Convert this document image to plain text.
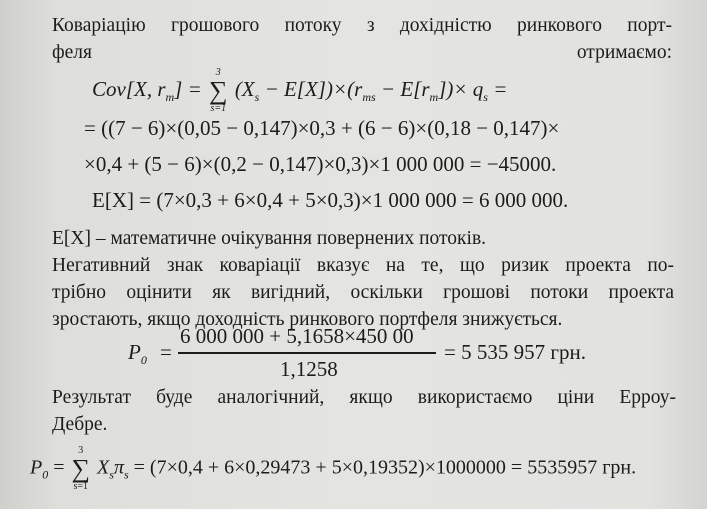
Коваріацію грошового потоку з дохідністю ринкового порт-
феля отримаємо:
Cov[X, $r_m$] =
3
∑
s=1
$(X_s - E[X])\times(r_{ms} - E[r_m])\times q_s$ =
= ((7 − 6)×(0,05 − 0,147)×0,3 + (6 − 6)×(0,18 − 0,147)×
×0,4 + (5 − 6)×(0,2 − 0,147)×0,3)×1 000 000 = −45000.
E[X] = (7×0,3 + 6×0,4 + 5×0,3)×1 000 000 = 6 000 000.
E[X] – математичне очікування повернених потоків.
Негативний знак коваріації вказує на те, що ризик проекта по-
трібно оцінити як вигідний, оскільки грошові потоки проекта
зростають, якщо доходність ринкового портфеля знижується.
$P_0$ =
6 000 000 + 5,1658×450 00
1,1258
= 5 535 957 грн.
Результат буде аналогічний, якщо використаємо ціни Ерроу-
Дебре.
$P_0$ =
3
∑
s=1
$X_s\pi_s = (7\times 0,4 + 6\times 0,29473 + 5\times 0,19352)\times 1000000 = 5535957$ грн.
